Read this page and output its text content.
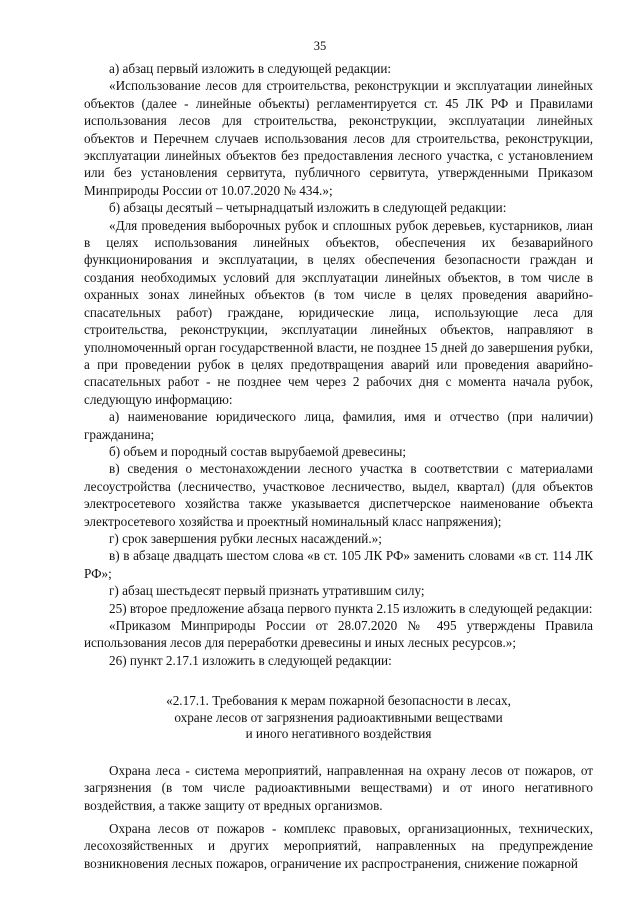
35

а) абзац первый изложить в следующей редакции:

«Использование лесов для строительства, реконструкции и эксплуатации линейных объектов (далее - линейные объекты) регламентируется ст. 45 ЛК РФ и Правилами использования лесов для строительства, реконструкции, эксплуатации линейных объектов и Перечнем случаев использования лесов для строительства, реконструкции, эксплуатации линейных объектов без предоставления лесного участка, с установлением или без установления сервитута, публичного сервитута, утвержденными Приказом Минприроды России от 10.07.2020 № 434.»;

б) абзацы десятый – четырнадцатый изложить в следующей редакции:

«Для проведения выборочных рубок и сплошных рубок деревьев, кустарников, лиан в целях использования линейных объектов, обеспечения их безаварийного функционирования и эксплуатации, в целях обеспечения безопасности граждан и создания необходимых условий для эксплуатации линейных объектов, в том числе в охранных зонах линейных объектов (в том числе в целях проведения аварийно-спасательных работ) граждане, юридические лица, использующие леса для строительства, реконструкции, эксплуатации линейных объектов, направляют в уполномоченный орган государственной власти, не позднее 15 дней до завершения рубки, а при проведении рубок в целях предотвращения аварий или проведения аварийно-спасательных работ - не позднее чем через 2 рабочих дня с момента начала рубок, следующую информацию:

а) наименование юридического лица, фамилия, имя и отчество (при наличии) гражданина;

б) объем и породный состав вырубаемой древесины;

в) сведения о местонахождении лесного участка в соответствии с материалами лесоустройства (лесничество, участковое лесничество, выдел, квартал) (для объектов электросетевого хозяйства также указывается диспетчерское наименование объекта электросетевого хозяйства и проектный номинальный класс напряжения);

г) срок завершения рубки лесных насаждений.»;

в) в абзаце двадцать шестом слова «в ст. 105 ЛК РФ» заменить словами «в ст. 114 ЛК РФ»;

г) абзац шестьдесят первый признать утратившим силу;

25) второе предложение абзаца первого пункта 2.15 изложить в следующей редакции:

«Приказом Минприроды России от 28.07.2020 № 495 утверждены Правила использования лесов для переработки древесины и иных лесных ресурсов.»;

26) пункт 2.17.1 изложить в следующей редакции:

«2.17.1. Требования к мерам пожарной безопасности в лесах,
охране лесов от загрязнения радиоактивными веществами
и иного негативного воздействия

Охрана леса - система мероприятий, направленная на охрану лесов от пожаров, от загрязнения (в том числе радиоактивными веществами) и от иного негативного воздействия, а также защиту от вредных организмов.

Охрана лесов от пожаров - комплекс правовых, организационных, технических, лесохозяйственных и других мероприятий, направленных на предупреждение возникновения лесных пожаров, ограничение их распространения, снижение пожарной
